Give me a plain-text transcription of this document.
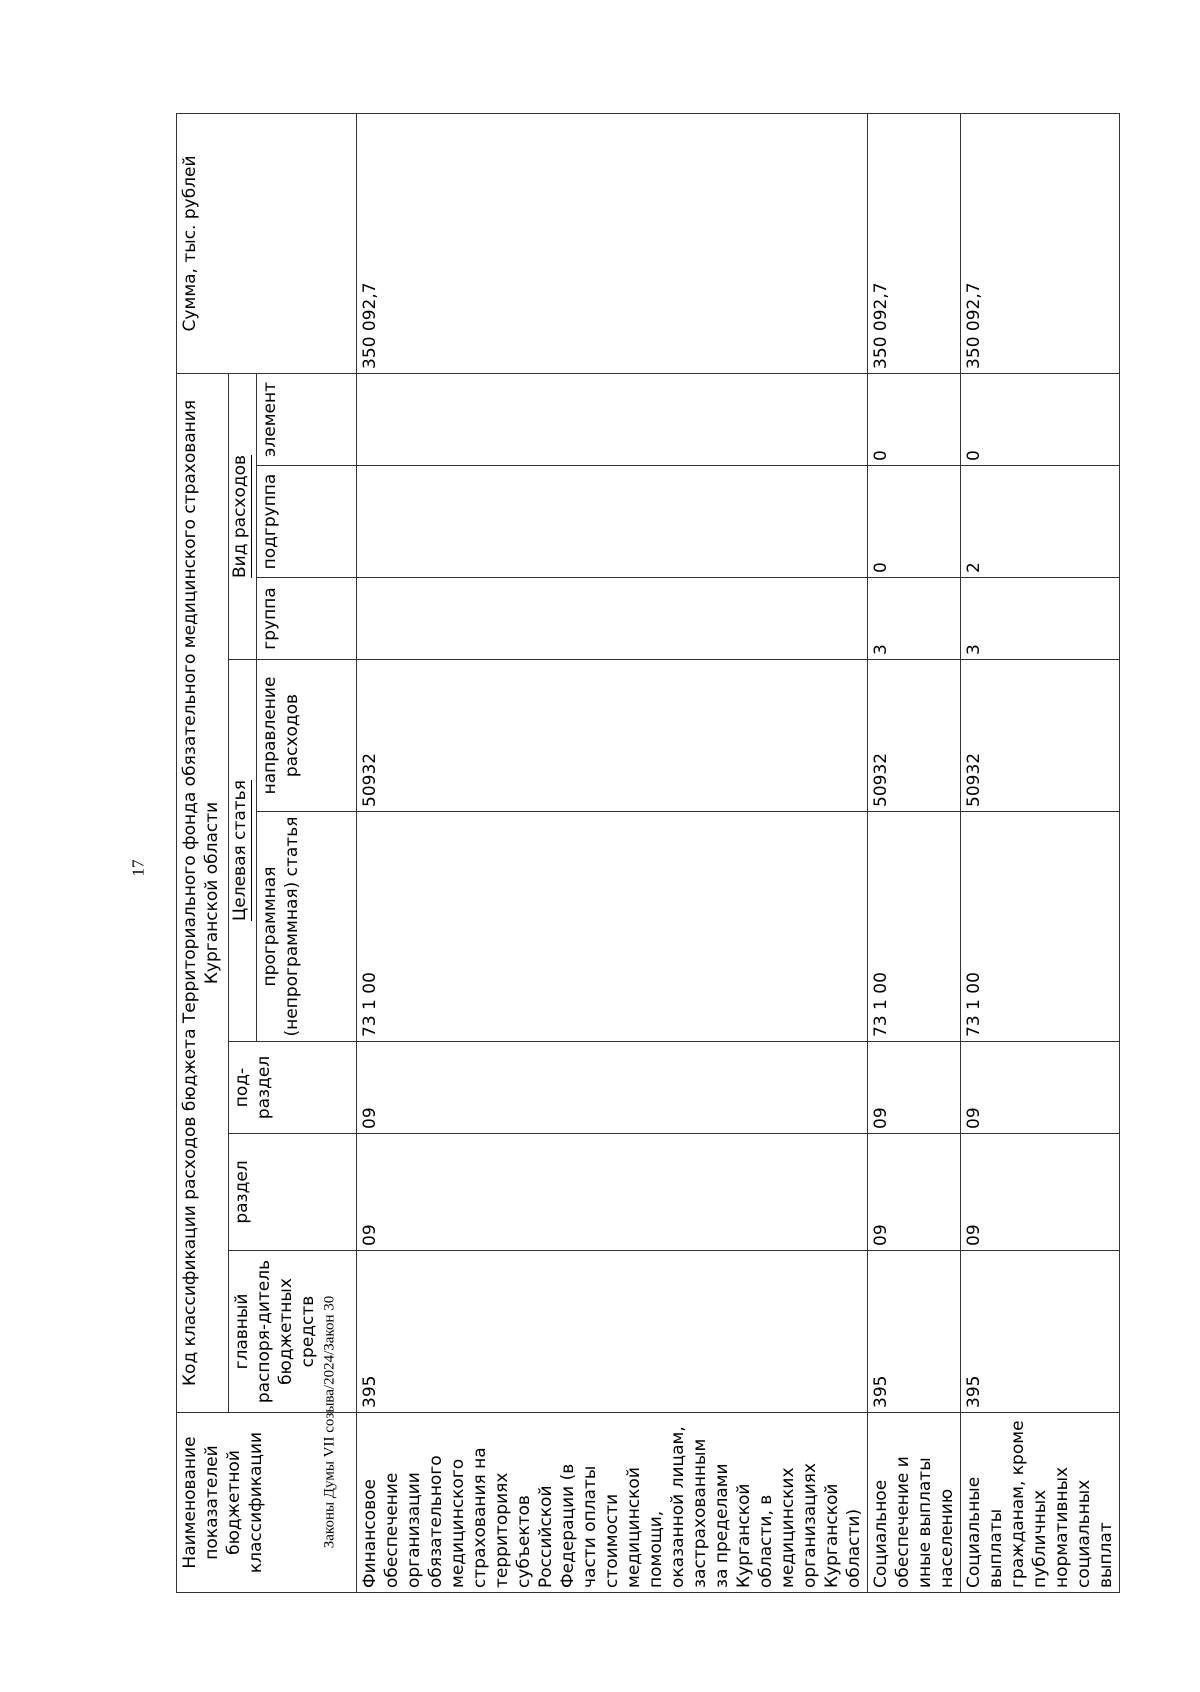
17
Законы Думы VII созыва/2024/Закон 30
Наименование показателей бюджетной классификации	Код классификации расходов бюджета Территориального фонда обязательного медицинского страхования Курганской области								Сумма, тыс. рублей
	главный распоря-дитель бюджетных средств	раздел	под-раздел	Целевая статья		Вид расходов			
				программная (непрограммная) статья	направление расходов	группа	подгруппа	элемент	
Финансовое обеспечение организации обязательного медицинского страхования на территориях субъектов Российской Федерации (в части оплаты стоимости медицинской помощи, оказанной лицам, застрахованным за пределами Курганской области, в медицинских организациях Курганской области)	395	09	09	73 1 00	50932				350 092,7
Социальное обеспечение и иные выплаты населению	395	09	09	73 1 00	50932	3	0	0	350 092,7
Социальные выплаты гражданам, кроме публичных нормативных социальных выплат	395	09	09	73 1 00	50932	3	2	0	350 092,7
